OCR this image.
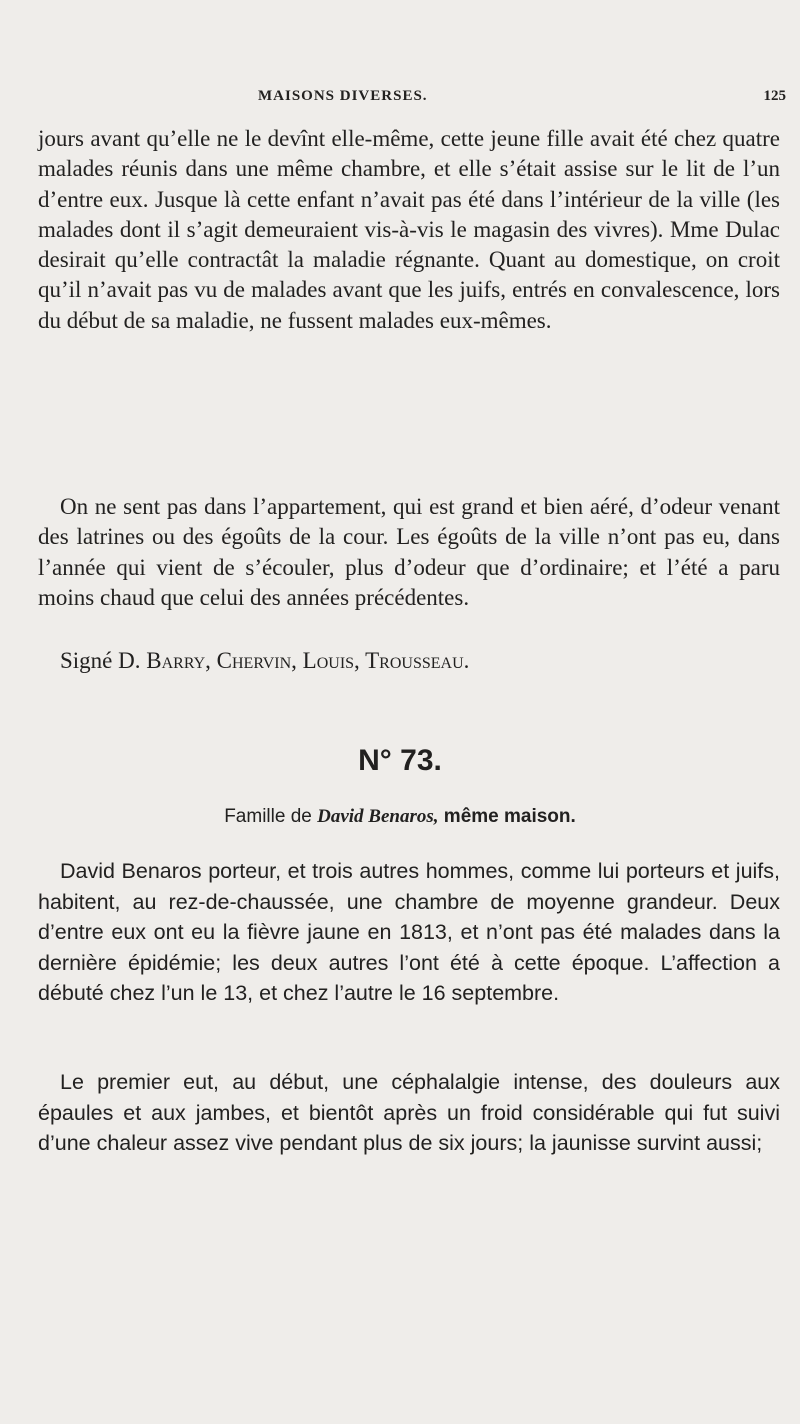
MAISONS DIVERSES.	125

jours avant qu’elle ne le devînt elle-même, cette jeune fille avait été chez quatre malades réunis dans une même chambre, et elle s’était assise sur le lit de l’un d’entre eux. Jusque là cette enfant n’avait pas été dans l’intérieur de la ville (les malades dont il s’agit demeuraient vis-à-vis le magasin des vivres). Mme Dulac desirait qu’elle contractât la maladie régnante. Quant au domestique, on croit qu’il n’avait pas vu de malades avant que les juifs, entrés en convalescence, lors du début de sa maladie, ne fussent malades eux-mêmes.

On ne sent pas dans l’appartement, qui est grand et bien aéré, d’odeur venant des latrines ou des égoûts de la cour. Les égoûts de la ville n’ont pas eu, dans l’année qui vient de s’écouler, plus d’odeur que d’ordinaire; et l’été a paru moins chaud que celui des années précédentes.

Signé D. Barry, Chervin, Louis, Trousseau.
N° 73.
Famille de David Benaros, même maison.

David Benaros porteur, et trois autres hommes, comme lui porteurs et juifs, habitent, au rez-de-chaussée, une chambre de moyenne grandeur. Deux d’entre eux ont eu la fièvre jaune en 1813, et n’ont pas été malades dans la dernière épidémie; les deux autres l’ont été à cette époque. L’affection a débuté chez l’un le 13, et chez l’autre le 16 septembre.

Le premier eut, au début, une céphalalgie intense, des douleurs aux épaules et aux jambes, et bientôt après un froid considérable qui fut suivi d’une chaleur assez vive pendant plus de six jours; la jaunisse survint aussi;
